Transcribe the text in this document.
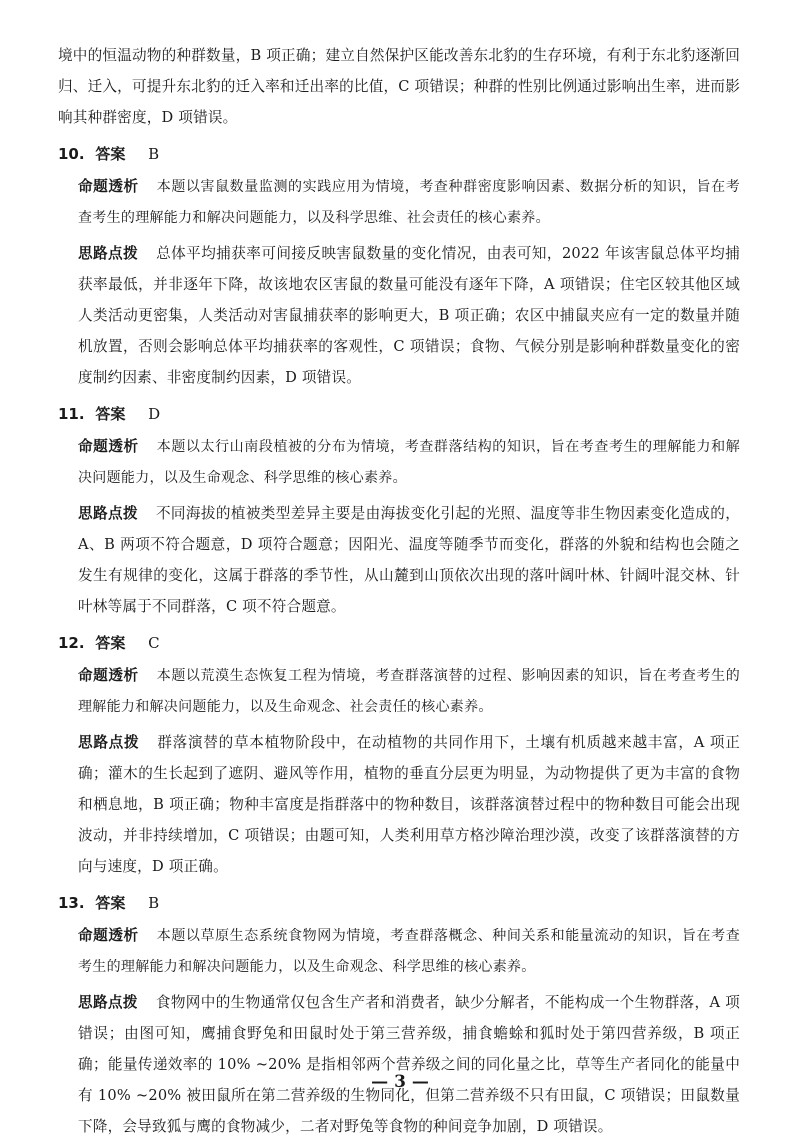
境中的恒温动物的种群数量，B 项正确；建立自然保护区能改善东北豹的生存环境，有利于东北豹逐渐回归、迁入，可提升东北豹的迁入率和迁出率的比值，C 项错误；种群的性别比例通过影响出生率，进而影响其种群密度，D 项错误。

10. 答案 B

命题透析 本题以害鼠数量监测的实践应用为情境，考查种群密度影响因素、数据分析的知识，旨在考查考生的理解能力和解决问题能力，以及科学思维、社会责任的核心素养。

思路点拨 总体平均捕获率可间接反映害鼠数量的变化情况，由表可知，2022 年该害鼠总体平均捕获率最低，并非逐年下降，故该地农区害鼠的数量可能没有逐年下降，A 项错误；住宅区较其他区域人类活动更密集，人类活动对害鼠捕获率的影响更大，B 项正确；农区中捕鼠夹应有一定的数量并随机放置，否则会影响总体平均捕获率的客观性，C 项错误；食物、气候分别是影响种群数量变化的密度制约因素、非密度制约因素，D 项错误。

11. 答案 D

命题透析 本题以太行山南段植被的分布为情境，考查群落结构的知识，旨在考查考生的理解能力和解决问题能力，以及生命观念、科学思维的核心素养。

思路点拨 不同海拔的植被类型差异主要是由海拔变化引起的光照、温度等非生物因素变化造成的，A、B 两项不符合题意，D 项符合题意；因阳光、温度等随季节而变化，群落的外貌和结构也会随之发生有规律的变化，这属于群落的季节性，从山麓到山顶依次出现的落叶阔叶林、针阔叶混交林、针叶林等属于不同群落，C 项不符合题意。

12. 答案 C

命题透析 本题以荒漠生态恢复工程为情境，考查群落演替的过程、影响因素的知识，旨在考查考生的理解能力和解决问题能力，以及生命观念、社会责任的核心素养。

思路点拨 群落演替的草本植物阶段中，在动植物的共同作用下，土壤有机质越来越丰富，A 项正确；灌木的生长起到了遮阴、避风等作用，植物的垂直分层更为明显，为动物提供了更为丰富的食物和栖息地，B 项正确；物种丰富度是指群落中的物种数目，该群落演替过程中的物种数目可能会出现波动，并非持续增加，C 项错误；由题可知，人类利用草方格沙障治理沙漠，改变了该群落演替的方向与速度，D 项正确。

13. 答案 B

命题透析 本题以草原生态系统食物网为情境，考查群落概念、种间关系和能量流动的知识，旨在考查考生的理解能力和解决问题能力，以及生命观念、科学思维的核心素养。

思路点拨 食物网中的生物通常仅包含生产者和消费者，缺少分解者，不能构成一个生物群落，A 项错误；由图可知，鹰捕食野兔和田鼠时处于第三营养级，捕食蟾蜍和狐时处于第四营养级，B 项正确；能量传递效率的 10% ~20% 是指相邻两个营养级之间的同化量之比，草等生产者同化的能量中有 10% ~20% 被田鼠所在第二营养级的生物同化，但第二营养级不只有田鼠，C 项错误；田鼠数量下降，会导致狐与鹰的食物减少，二者对野兔等食物的种间竞争加剧，D 项错误。

— 3 —
